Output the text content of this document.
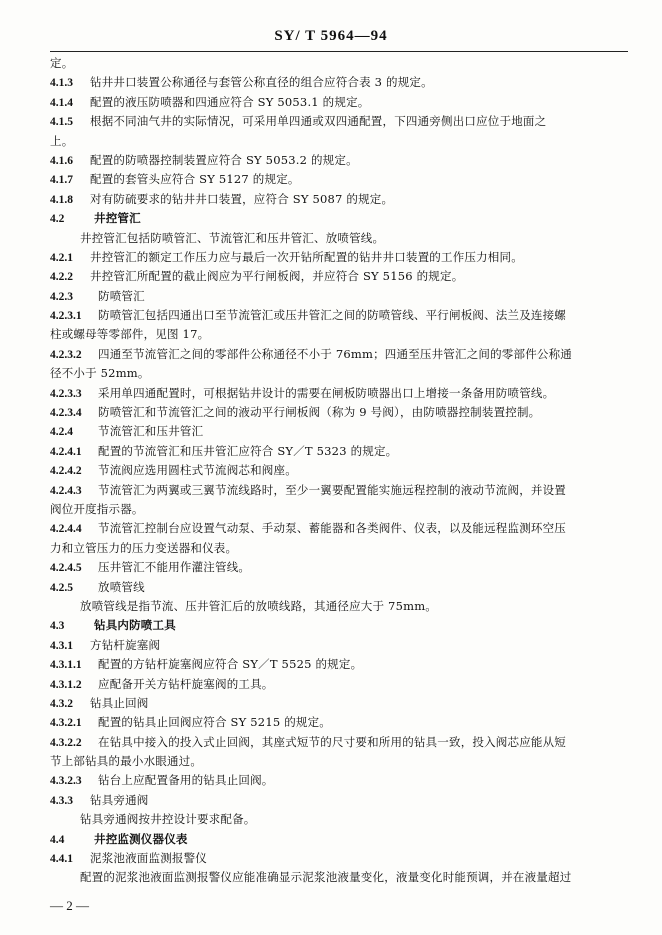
SY/ T 5964—94
定。
4.1.3 钻井井口装置公称通径与套管公称直径的组合应符合表 3 的规定。
4.1.4 配置的液压防喷器和四通应符合 SY 5053.1 的规定。
4.1.5 根据不同油气井的实际情况，可采用单四通或双四通配置，下四通旁侧出口应位于地面之
上。
4.1.6 配置的防喷器控制装置应符合 SY 5053.2 的规定。
4.1.7 配置的套管头应符合 SY 5127 的规定。
4.1.8 对有防硫要求的钻井井口装置，应符合 SY 5087 的规定。
4.2	井控管汇
井控管汇包括防喷管汇、节流管汇和压井管汇、放喷管线。
4.2.1 井控管汇的额定工作压力应与最后一次开钻所配置的钻井井口装置的工作压力相同。
4.2.2 井控管汇所配置的截止阀应为平行闸板阀，并应符合 SY 5156 的规定。
4.2.3 防喷管汇
4.2.3.1 防喷管汇包括四通出口至节流管汇或压井管汇之间的防喷管线、平行闸板阀、法兰及连接螺
柱或螺母等零部件，见图 17。
4.2.3.2 四通至节流管汇之间的零部件公称通径不小于 76mm；四通至压井管汇之间的零部件公称通
径不小于 52mm。
4.2.3.3 采用单四通配置时，可根据钻井设计的需要在闸板防喷器出口上增接一条备用防喷管线。
4.2.3.4 防喷管汇和节流管汇之间的液动平行闸板阀（称为 9 号阀），由防喷器控制装置控制。
4.2.4 节流管汇和压井管汇
4.2.4.1 配置的节流管汇和压井管汇应符合 SY／T 5323 的规定。
4.2.4.2 节流阀应选用圆柱式节流阀芯和阀座。
4.2.4.3 节流管汇为两翼或三翼节流线路时，至少一翼要配置能实施远程控制的液动节流阀，并设置
阀位开度指示器。
4.2.4.4 节流管汇控制台应设置气动泵、手动泵、蓄能器和各类阀件、仪表，以及能远程监测环空压
力和立管压力的压力变送器和仪表。
4.2.4.5 压井管汇不能用作灌注管线。
4.2.5 放喷管线
放喷管线是指节流、压井管汇后的放喷线路，其通径应大于 75mm。
4.3	钻具内防喷工具
4.3.1 方钻杆旋塞阀
4.3.1.1 配置的方钻杆旋塞阀应符合 SY／T 5525 的规定。
4.3.1.2 应配备开关方钻杆旋塞阀的工具。
4.3.2 钻具止回阀
4.3.2.1 配置的钻具止回阀应符合 SY 5215 的规定。
4.3.2.2 在钻具中接入的投入式止回阀，其座式短节的尺寸要和所用的钻具一致，投入阀芯应能从短
节上部钻具的最小水眼通过。
4.3.2.3 钻台上应配置备用的钻具止回阀。
4.3.3 钻具旁通阀
钻具旁通阀按井控设计要求配备。
4.4	井控监测仪器仪表
4.4.1 泥浆池液面监测报警仪
配置的泥浆池液面监测报警仪应能准确显示泥浆池液量变化，液量变化时能预调，并在液量超过
— 2 —
